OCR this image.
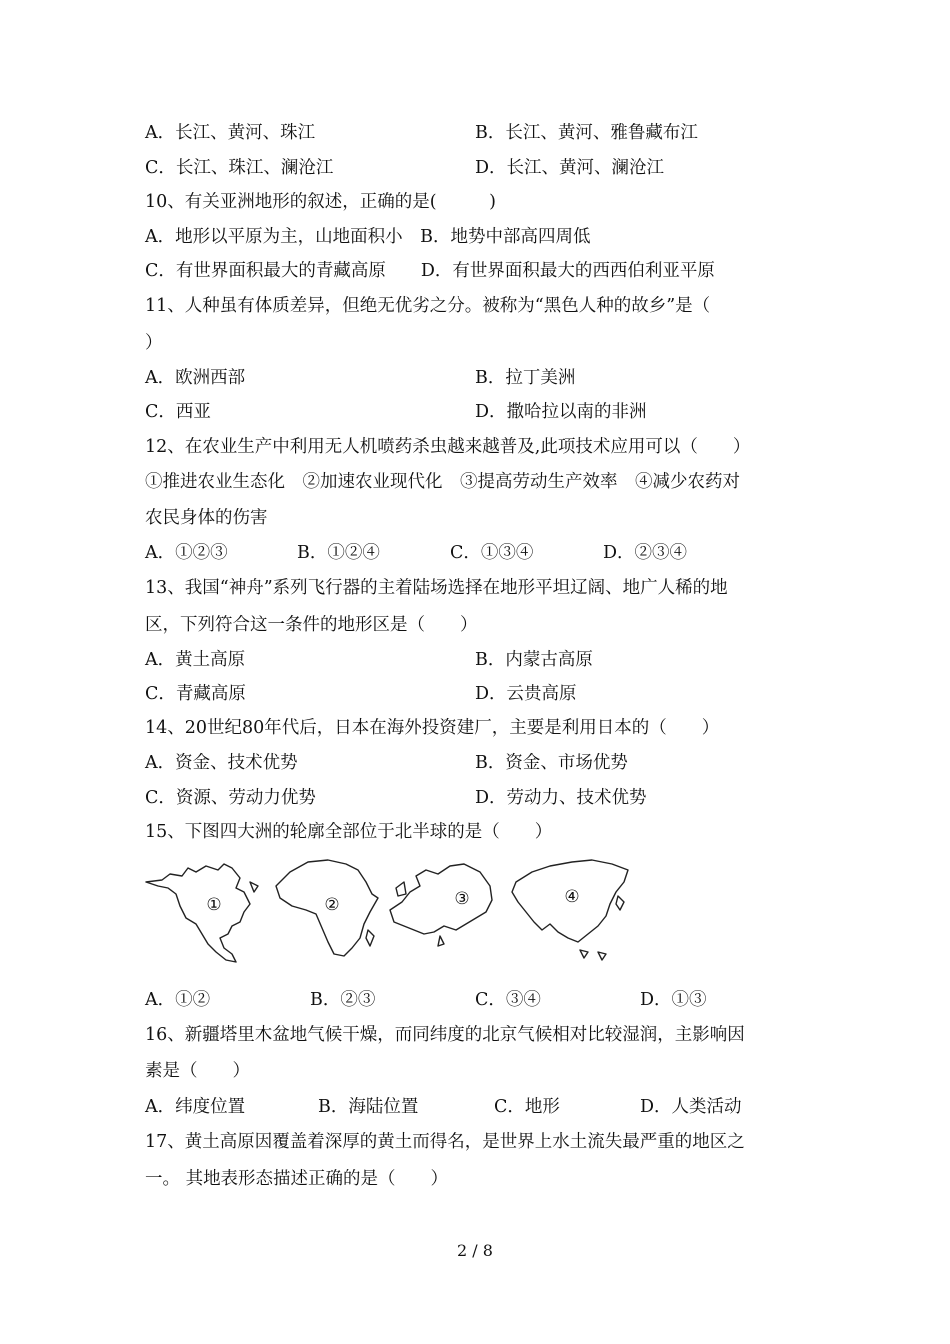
A．长江、黄河、珠江	B．长江、黄河、雅鲁藏布江
C．长江、珠江、澜沧江	D．长江、黄河、澜沧江
10、有关亚洲地形的叙述，正确的是(　　　)
A．地形以平原为主，山地面积小　B．地势中部高四周低
C．有世界面积最大的青藏高原　　D．有世界面积最大的西西伯利亚平原
11、人种虽有体质差异，但绝无优劣之分。被称为“黑色人种的故乡”是（
）
A．欧洲西部	B．拉丁美洲
C．西亚	D．撒哈拉以南的非洲
12、在农业生产中利用无人机喷药杀虫越来越普及,此项技术应用可以（　　）
①推进农业生态化　②加速农业现代化　③提高劳动生产效率　④减少农药对
农民身体的伤害
A．①②③	B．①②④	C．①③④	D．②③④
13、我国“神舟”系列飞行器的主着陆场选择在地形平坦辽阔、地广人稀的地
区，下列符合这一条件的地形区是（　　）
A．黄土高原	B．内蒙古高原
C．青藏高原	D．云贵高原
14、20世纪80年代后，日本在海外投资建厂，主要是利用日本的（　　）
A．资金、技术优势	B．资金、市场优势
C．资源、劳动力优势	D．劳动力、技术优势
15、下图四大洲的轮廓全部位于北半球的是（　　）
①	②	③	④
A．①②	B．②③	C．③④	D．①③
16、新疆塔里木盆地气候干燥，而同纬度的北京气候相对比较湿润，主影响因
素是（　　）
A．纬度位置	B．海陆位置	C．地形	D．人类活动
17、黄土高原因覆盖着深厚的黄土而得名，是世界上水土流失最严重的地区之
一。 其地表形态描述正确的是（　　）
2 / 8
